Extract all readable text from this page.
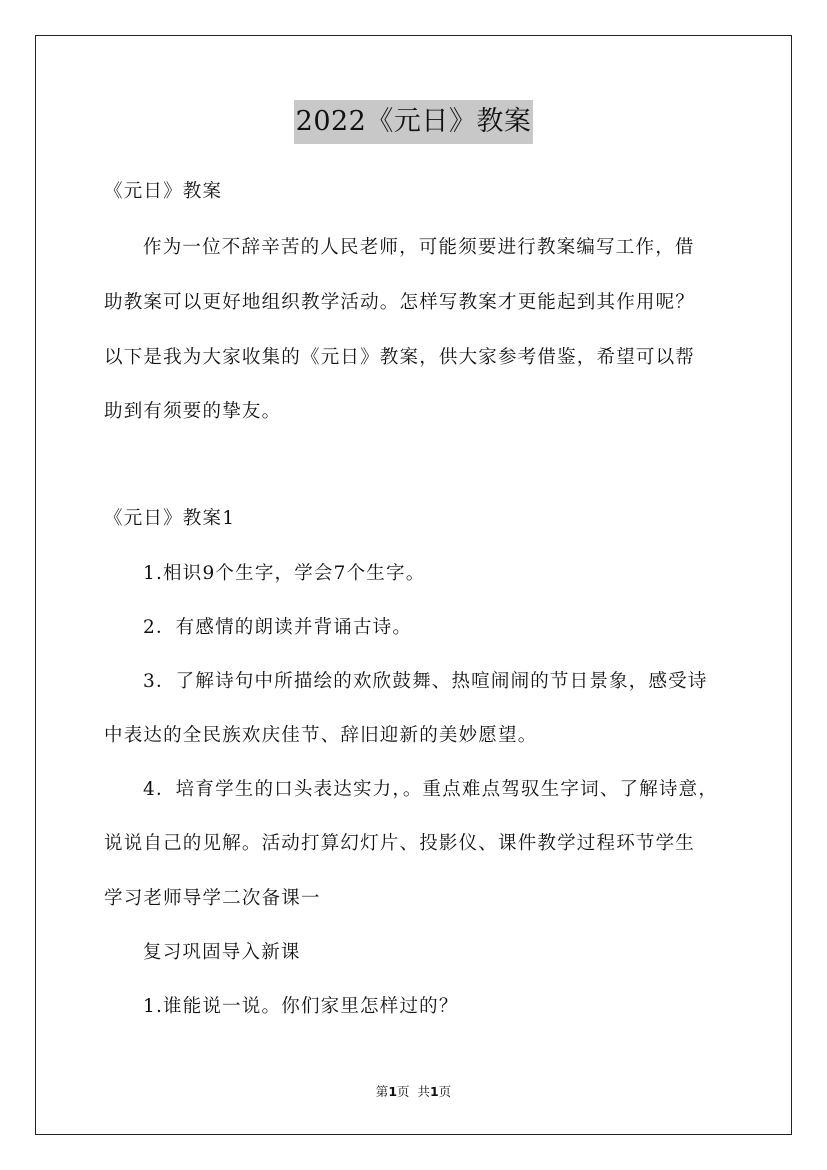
2022《元日》教案
《元日》教案
作为一位不辞辛苦的人民老师，可能须要进行教案编写工作，借
助教案可以更好地组织教学活动。怎样写教案才更能起到其作用呢？
以下是我为大家收集的《元日》教案，供大家参考借鉴，希望可以帮
助到有须要的挚友。
《元日》教案1
1.相识9个生字，学会7个生字。
2．有感情的朗读并背诵古诗。
3．了解诗句中所描绘的欢欣鼓舞、热喧闹闹的节日景象，感受诗
中表达的全民族欢庆佳节、辞旧迎新的美妙愿望。
4．培育学生的口头表达实力，。重点难点驾驭生字词、了解诗意，
说说自己的见解。活动打算幻灯片、投影仪、课件教学过程环节学生
学习老师导学二次备课一
复习巩固导入新课
1.谁能说一说。你们家里怎样过的？
第1页  共1页
